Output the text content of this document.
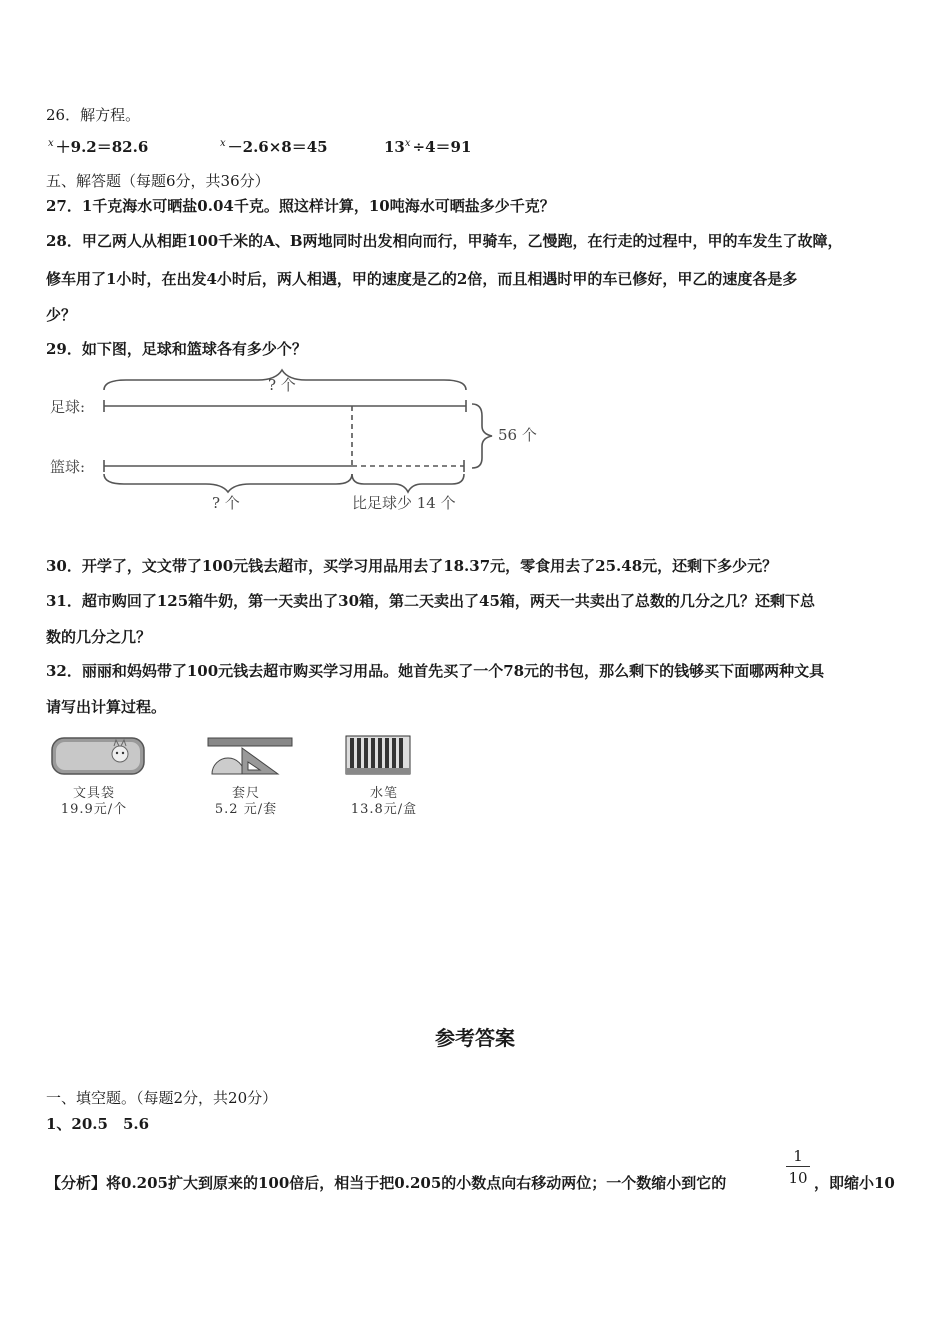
26．解方程。
$^x$ ＋9.2＝82.6	$^x$ －2.6×8＝45	$13^x \div 4=91$
五、解答题（每题6分，共36分）
27．1千克海水可晒盐0.04千克。照这样计算，10吨海水可晒盐多少千克？
28．甲乙两人从相距100千米的A、B两地同时出发相向而行，甲骑车，乙慢跑，在行走的过程中，甲的车发生了故障，
修车用了1小时，在出发4小时后，两人相遇，甲的速度是乙的2倍，而且相遇时甲的车已修好，甲乙的速度各是多
少？
29．如下图，足球和篮球各有多少个？
足球:
篮球:
? 个
56 个
? 个	比足球少 14 个
30．开学了，文文带了100元钱去超市，买学习用品用去了18.37元，零食用去了25.48元，还剩下多少元？
31．超市购回了125箱牛奶，第一天卖出了30箱，第二天卖出了45箱，两天一共卖出了总数的几分之几？还剩下总
数的几分之几？
32．丽丽和妈妈带了100元钱去超市购买学习用品。她首先买了一个78元的书包，那么剩下的钱够买下面哪两种文具
请写出计算过程。
文具袋
19.9元/个
套尺
5.2 元/套
水笔
13.8元/盒
参考答案
一、填空题。（每题2分，共20分）
1、20.5　5.6
【分析】将0.205扩大到原来的100倍后，相当于把0.205的小数点向右移动两位；一个数缩小到它的	$\frac{1}{10}$ ，即缩小10
